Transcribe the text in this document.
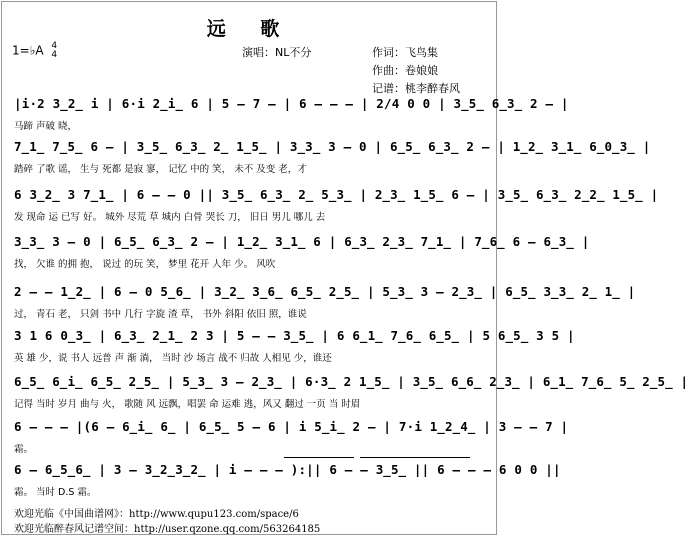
远 歌
1=♭A 4
4	演唱：NL不分	作词：飞鸟集
作曲：卷娘娘
记谱：桃李醉春风
|i·2 3̲2̲ i | 6·i 2̲i̲ 6 | 5 – 7 – | 6 – – – | 2/4 0 0 | 3̲5̲ 6̲3̲ 2 – |
马蹄 声破 晓，
7̲1̲ 7̲5̲ 6 – | 3̲5̲ 6̲3̲ 2̲ 1̲5̲ | 3̲3̲ 3 – 0 | 6̲5̲ 6̲3̲ 2 – | 1̲2̲ 3̲1̲ 6̲0̲3̲ |
踏碎 了歌 谣， 生与 死都 是寂 寥， 记忆 中的 笑， 未不 及变 老，才
6 3̲2̲ 3 7̲1̲ | 6 – – 0 || 3̲5̲ 6̲3̲ 2̲ 5̲3̲ | 2̲3̲ 1̲5̲ 6 – | 3̲5̲ 6̲3̲ 2̲2̲ 1̲5̲ |
发 现命 运 已写 好。 城外 尽荒 草 城内 白骨 哭长 刀， 旧日 男儿 哪儿 去
3̲3̲ 3 – 0 | 6̲5̲ 6̲3̲ 2 – | 1̲2̲ 3̲1̲ 6 | 6̲3̲ 2̲3̲ 7̲1̲ | 7̲6̲ 6 – 6̲3̲ |
找， 欠谁 的拥 抱， 说过 的玩 笑， 梦里 花开 人年 少。 风吹
2 – – 1̲2̲ | 6 – 0 5̲6̲ | 3̲2̲ 3̲6̲ 6̲5̲ 2̲5̲ | 5̲3̲ 3 – 2̲3̲ | 6̲5̲ 3̲3̲ 2̲ 1̲ |
过， 青石 老， 只剑 书中 几行 字旋 渣 草， 书外 斜阳 依旧 照，谁说
3 1 6 0̲3̲ | 6̲3̲ 2̲1̲ 2 3 | 5 – – 3̲5̲ | 6 6̲1̲ 7̲6̲ 6̲5̲ | 5 6̲5̲ 3 5 |
英 雄 少，说 书人 远普 声 渐 淌， 当时 沙 场言 战不 归故 人相见 少，谁还
6̲5̲ 6̲i̲ 6̲5̲ 2̲5̲ | 5̲3̲ 3 – 2̲3̲ | 6·3̲ 2 1̲5̲ | 3̲5̲ 6̲6̲ 2̲3̲ | 6̲1̲ 7̲6̲ 5̲ 2̲5̲ |
记得 当时 岁月 曲与 火， 歌随 风 远飘，唱罢 命 运难 逃，风又 翻过 一页 当 时眉
6 – – – |(6 – 6̲i̲ 6̲ | 6̲5̲ 5 – 6 | i 5̲i̲ 2 – | 7·i 1̲2̲4̲ | 3 – – 7 |
霜。
6 – 6̲5̲6̲ | 3 – 3̲2̲3̲2̲ | i – – – ):|| 6 – – 3̲5̲ || 6 – – – 6 0 0 ||
霜。 当时 D.S 霜。
欢迎光临《中国曲谱网》：http://www.qupu123.com/space/6
欢迎光临醉春风记谱空间：http://user.qzone.qq.com/563264185
